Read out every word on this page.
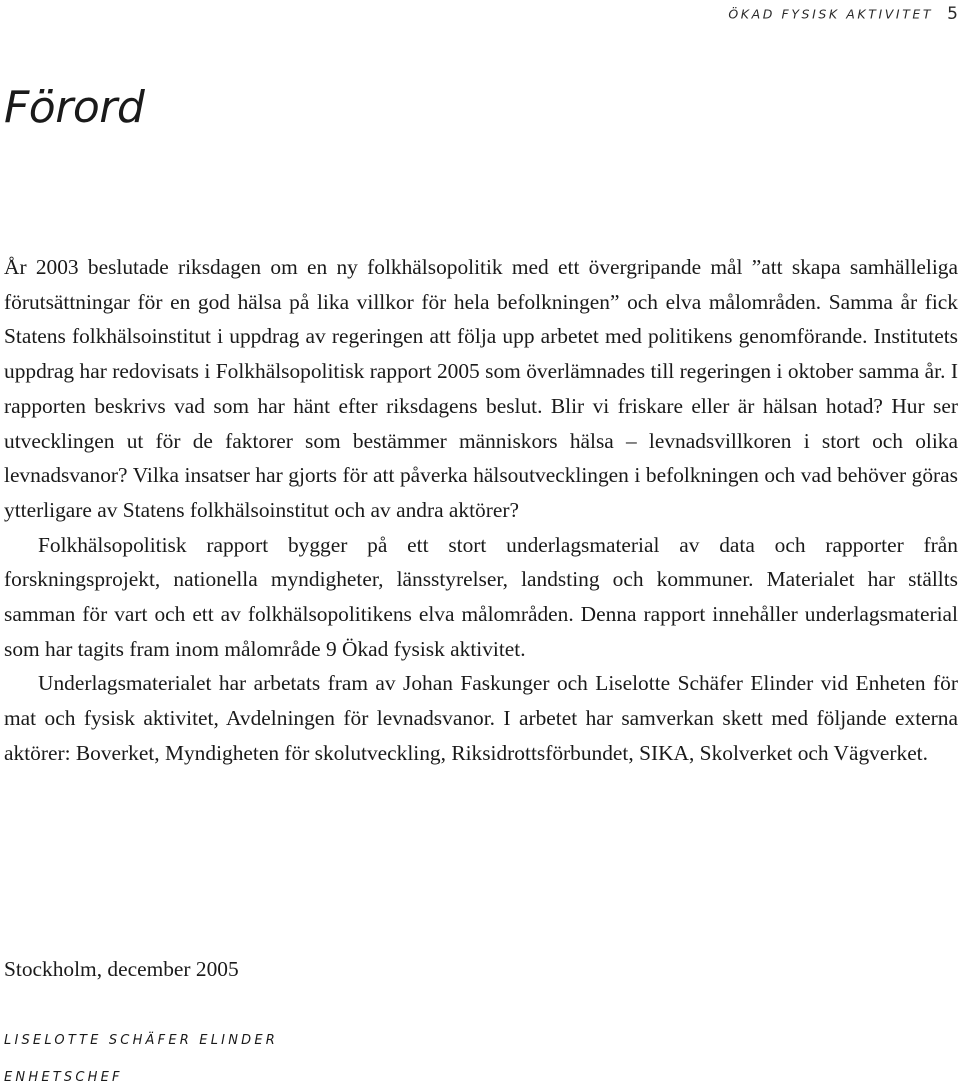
ÖKAD FYSISK AKTIVITET 5
Förord

År 2003 beslutade riksdagen om en ny folkhälsopolitik med ett övergripande mål ”att skapa samhälleliga förutsättningar för en god hälsa på lika villkor för hela befolkningen” och elva målområden. Samma år fick Statens folkhälsoinstitut i uppdrag av regeringen att följa upp arbetet med politikens genomförande. Institutets uppdrag har redovisats i Folkhälsopolitisk rapport 2005 som överlämnades till regeringen i oktober samma år. I rapporten beskrivs vad som har hänt efter riksdagens beslut. Blir vi friskare eller är hälsan hotad? Hur ser utvecklingen ut för de faktorer som bestämmer människors hälsa – levnadsvillkoren i stort och olika levnadsvanor? Vilka insatser har gjorts för att påverka hälsoutvecklingen i befolkningen och vad behöver göras ytterligare av Statens folkhälsoinstitut och av andra aktörer?

Folkhälsopolitisk rapport bygger på ett stort underlagsmaterial av data och rapporter från forskningsprojekt, nationella myndigheter, länsstyrelser, landsting och kommuner. Materialet har ställts samman för vart och ett av folkhälsopolitikens elva målområden. Denna rapport innehåller underlagsmaterial som har tagits fram inom målområde 9 Ökad fysisk aktivitet.

Underlagsmaterialet har arbetats fram av Johan Faskunger och Liselotte Schäfer Elinder vid Enheten för mat och fysisk aktivitet, Avdelningen för levnadsvanor. I arbetet har samverkan skett med följande externa aktörer: Boverket, Myndigheten för skolutveckling, Riksidrottsförbundet, SIKA, Skolverket och Vägverket.

Stockholm, december 2005

LISELOTTE SCHÄFER ELINDER

ENHETSCHEF
